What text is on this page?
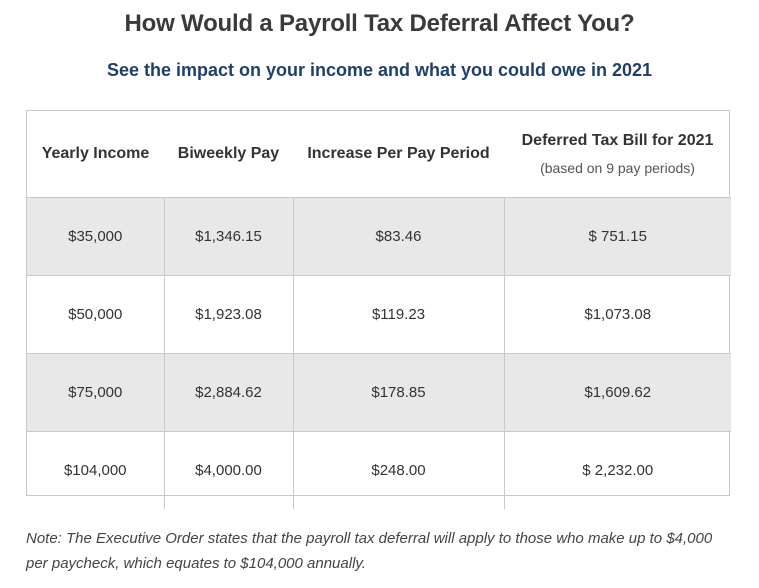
How Would a Payroll Tax Deferral Affect You?
See the impact on your income and what you could owe in 2021
Yearly Income	Biweekly Pay	Increase Per Pay Period	Deferred Tax Bill for 2021
(based on 9 pay periods)

$35,000	$1,346.15	$83.46	$ 751.15
$50,000	$1,923.08	$119.23	$1,073.08
$75,000	$2,884.62	$178.85	$1,609.62
$104,000	$4,000.00	$248.00	$ 2,232.00
Note: The Executive Order states that the payroll tax deferral will apply to those who make up to $4,000 per paycheck, which equates to $104,000 annually.
